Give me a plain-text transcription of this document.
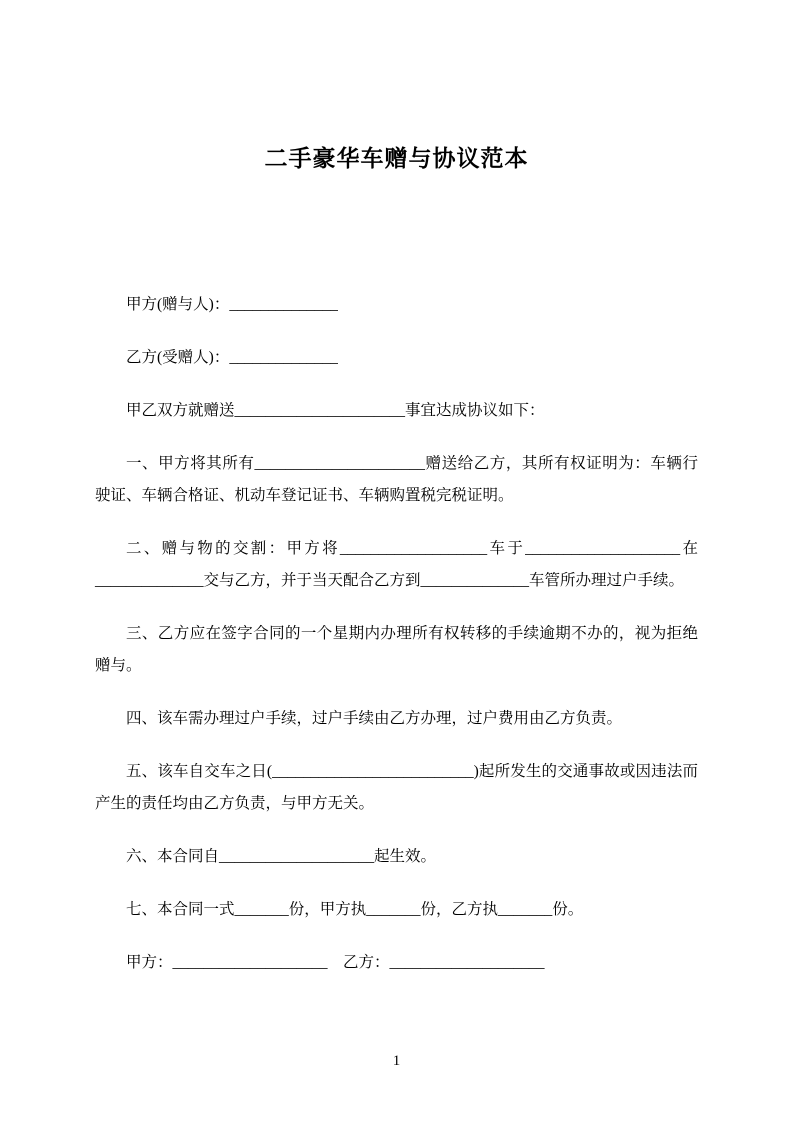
二手豪华车赠与协议范本

甲方(赠与人)：______________

乙方(受赠人)：______________

甲乙双方就赠送______________________事宜达成协议如下：

一、甲方将其所有______________________赠送给乙方，其所有权证明为：车辆行驶证、车辆合格证、机动车登记证书、车辆购置税完税证明。

二、赠与物的交割：甲方将___________________车于____________________在______________交与乙方，并于当天配合乙方到______________车管所办理过户手续。

三、乙方应在签字合同的一个星期内办理所有权转移的手续逾期不办的，视为拒绝赠与。

四、该车需办理过户手续，过户手续由乙方办理，过户费用由乙方负责。

五、该车自交车之日(__________________________)起所发生的交通事故或因违法而产生的责任均由乙方负责，与甲方无关。

六、本合同自____________________起生效。

七、本合同一式_______份，甲方执_______份，乙方执_______份。

甲方：____________________　乙方：____________________

1
